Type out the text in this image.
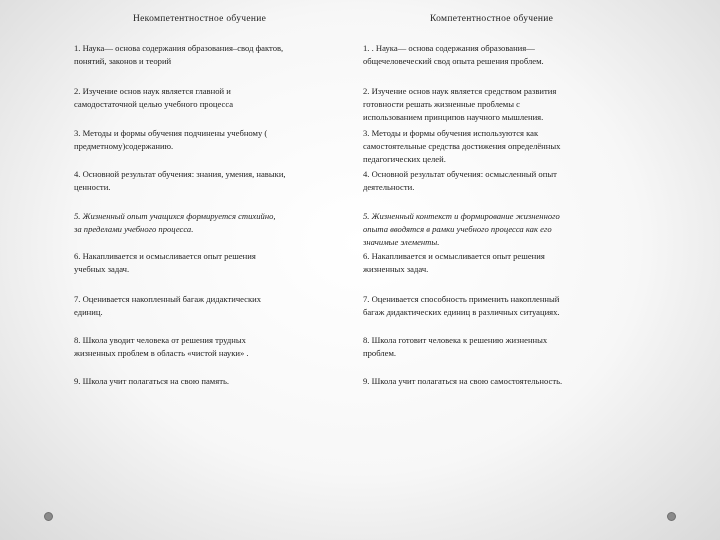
Некомпетентностное обучение	Компетентностное обучение
1. Наука— основа содержания образования–свод фактов,
понятий, законов и теорий
1. . Наука— основа содержания образования—
общечеловеческий свод опыта решения проблем.
2. Изучение основ наук является главной и
самодостаточной целью учебного процесса
2. Изучение основ наук является средством развития
готовности решать жизненные проблемы с
использованием принципов научного мышления.
3. Методы и формы обучения подчинены учебному (
предметному)содержанию.
3. Методы и формы обучения используются как
самостоятельные средства достижения определённых
педагогических целей.
4. Основной результат обучения: знания, умения, навыки,
ценности.
4. Основной результат обучения: осмысленный опыт
деятельности.
5. Жизненный опыт учащихся формируется стихийно,
за пределами учебного процесса.
5. Жизненный контекст и формирование жизненного
опыта вводятся в рамки учебного процесса как его
значимые элементы.
6. Накапливается и осмысливается опыт решения
учебных задач.
6. Накапливается и осмысливается опыт решения
жизненных задач.
7. Оценивается накопленный багаж дидактических
единиц.
7. Оценивается способность применить накопленный
багаж дидактических единиц в различных ситуациях.
8. Школа уводит человека от решения трудных
жизненных проблем в область «чистой науки» .
8. Школа готовит человека к решению жизненных
проблем.
9. Школа учит полагаться на свою память.	9. Школа учит полагаться на свою самостоятельность.
